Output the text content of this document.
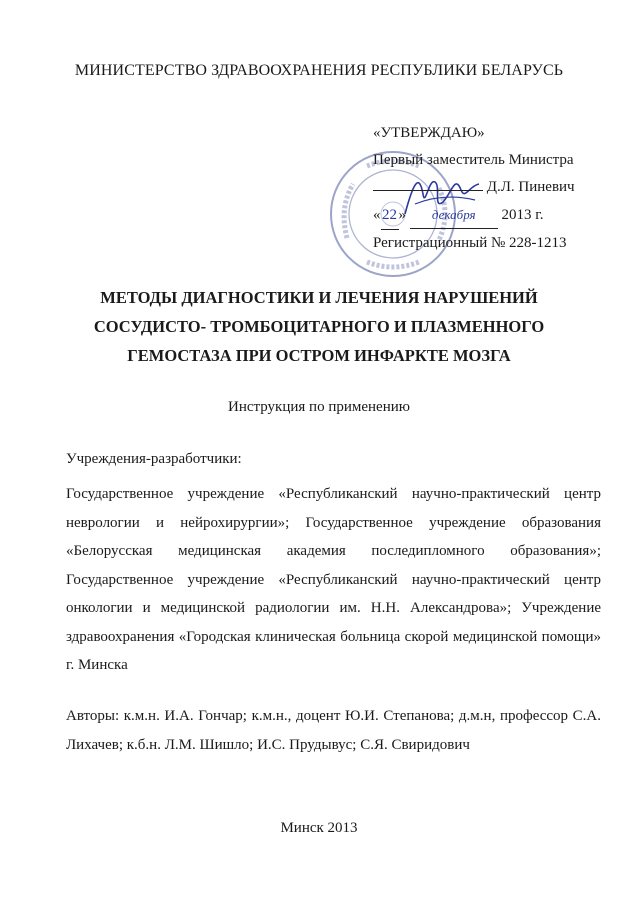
МИНИСТЕРСТВО ЗДРАВООХРАНЕНИЯ РЕСПУБЛИКИ БЕЛАРУСЬ
«УТВЕРЖДАЮ»
Первый заместитель Министра
Д.Л. Пиневич
« 22 » декабря 2013 г.
Регистрационный № 228-1213
МЕТОДЫ ДИАГНОСТИКИ И ЛЕЧЕНИЯ НАРУШЕНИЙ
СОСУДИСТО- ТРОМБОЦИТАРНОГО И ПЛАЗМЕННОГО
ГЕМОСТАЗА ПРИ ОСТРОМ ИНФАРКТЕ МОЗГА
Инструкция по применению
Учреждения-разработчики:
Государственное учреждение «Республиканский научно-практический центр неврологии и нейрохирургии»; Государственное учреждение образования «Белорусская медицинская академия последипломного образования»; Государственное учреждение «Республиканский научно-практический центр онкологии и медицинской радиологии им. Н.Н. Александрова»; Учреждение здравоохранения «Городская клиническая больница скорой медицинской помощи» г. Минска
Авторы: к.м.н. И.А. Гончар; к.м.н., доцент Ю.И. Степанова; д.м.н, профессор С.А. Лихачев; к.б.н. Л.М. Шишло; И.С. Прудывус; С.Я. Свиридович
Минск 2013
